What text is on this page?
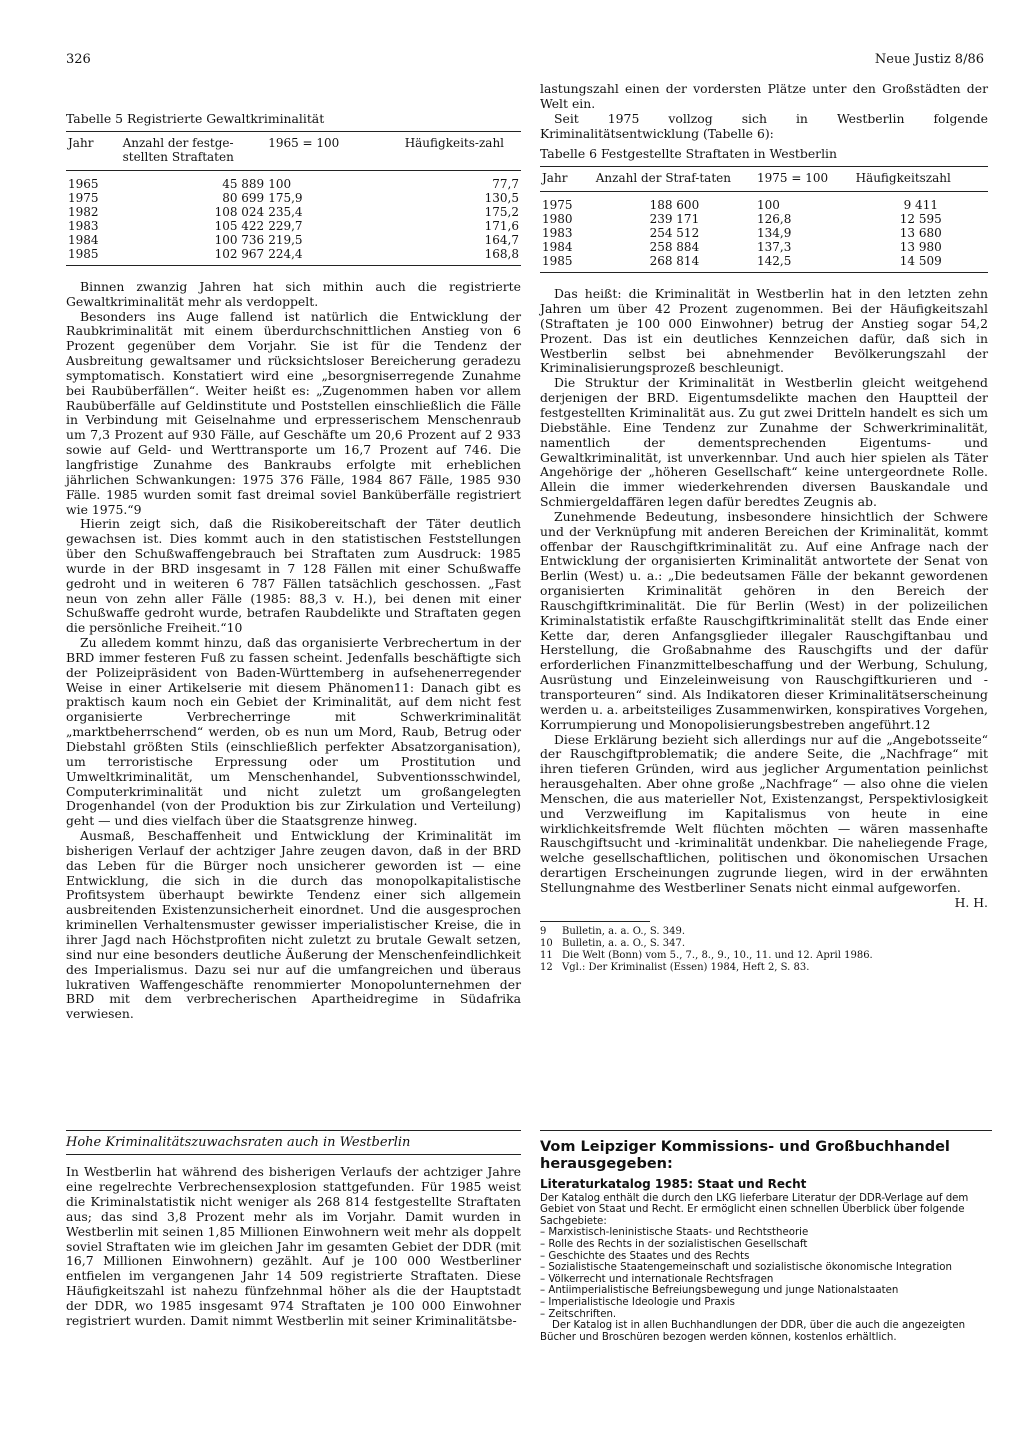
326	Neue Justiz 8/86
Tabelle 5 Registrierte Gewaltkriminalität
Jahr	Anzahl der festge-stellten Straftaten	1965 = 100	Häufigkeits-zahl
1965	45 889	100	77,7
1975	80 699	175,9	130,5
1982	108 024	235,4	175,2
1983	105 422	229,7	171,6
1984	100 736	219,5	164,7
1985	102 967	224,4	168,8

Binnen zwanzig Jahren hat sich mithin auch die registrierte Gewaltkriminalität mehr als verdoppelt.

Besonders ins Auge fallend ist natürlich die Entwicklung der Raubkriminalität mit einem überdurchschnittlichen Anstieg von 6 Prozent gegenüber dem Vorjahr. Sie ist für die Tendenz der Ausbreitung gewaltsamer und rücksichtsloser Bereicherung geradezu symptomatisch. Konstatiert wird eine „besorgniserregende Zunahme bei Raubüberfällen“. Weiter heißt es: „Zugenommen haben vor allem Raubüberfälle auf Geldinstitute und Poststellen einschließlich die Fälle in Verbindung mit Geiselnahme und erpresserischem Menschenraub um 7,3 Prozent auf 930 Fälle, auf Geschäfte um 20,6 Prozent auf 2 933 sowie auf Geld- und Werttransporte um 16,7 Prozent auf 746. Die langfristige Zunahme des Bankraubs erfolgte mit erheblichen jährlichen Schwankungen: 1975 376 Fälle, 1984 867 Fälle, 1985 930 Fälle. 1985 wurden somit fast dreimal soviel Banküberfälle registriert wie 1975.“9

Hierin zeigt sich, daß die Risikobereitschaft der Täter deutlich gewachsen ist. Dies kommt auch in den statistischen Feststellungen über den Schußwaffengebrauch bei Straftaten zum Ausdruck: 1985 wurde in der BRD insgesamt in 7 128 Fällen mit einer Schußwaffe gedroht und in weiteren 6 787 Fällen tatsächlich geschossen. „Fast neun von zehn aller Fälle (1985: 88,3 v. H.), bei denen mit einer Schußwaffe gedroht wurde, betrafen Raubdelikte und Straftaten gegen die persönliche Freiheit.“10

Zu alledem kommt hinzu, daß das organisierte Verbrechertum in der BRD immer festeren Fuß zu fassen scheint. Jedenfalls beschäftigte sich der Polizeipräsident von Baden-Württemberg in aufsehenerregender Weise in einer Artikelserie mit diesem Phänomen11: Danach gibt es praktisch kaum noch ein Gebiet der Kriminalität, auf dem nicht fest organisierte Verbrecherringe mit Schwerkriminalität „marktbeherrschend“ werden, ob es nun um Mord, Raub, Betrug oder Diebstahl größten Stils (einschließlich perfekter Absatzorganisation), um terroristische Erpressung oder um Prostitution und Umweltkriminalität, um Menschenhandel, Subventionsschwindel, Computerkriminalität und nicht zuletzt um großangelegten Drogenhandel (von der Produktion bis zur Zirkulation und Verteilung) geht — und dies vielfach über die Staatsgrenze hinweg.

Ausmaß, Beschaffenheit und Entwicklung der Kriminalität im bisherigen Verlauf der achtziger Jahre zeugen davon, daß in der BRD das Leben für die Bürger noch unsicherer geworden ist — eine Entwicklung, die sich in die durch das monopolkapitalistische Profitsystem überhaupt bewirkte Tendenz einer sich allgemein ausbreitenden Existenzunsicherheit einordnet. Und die ausgesprochen kriminellen Verhaltensmuster gewisser imperialistischer Kreise, die in ihrer Jagd nach Höchstprofiten nicht zuletzt zu brutale Gewalt setzen, sind nur eine besonders deutliche Äußerung der Menschenfeindlichkeit des Imperialismus. Dazu sei nur auf die umfangreichen und überaus lukrativen Waffengeschäfte renommierter Monopolunternehmen der BRD mit dem verbrecherischen Apartheidregime in Südafrika verwiesen.

Hohe Kriminalitätszuwachsraten auch in Westberlin
In Westberlin hat während des bisherigen Verlaufs der achtziger Jahre eine regelrechte Verbrechensexplosion stattgefunden. Für 1985 weist die Kriminalstatistik nicht weniger als 268 814 festgestellte Straftaten aus; das sind 3,8 Prozent mehr als im Vorjahr. Damit wurden in Westberlin mit seinen 1,85 Millionen Einwohnern weit mehr als doppelt soviel Straftaten wie im gleichen Jahr im gesamten Gebiet der DDR (mit 16,7 Millionen Einwohnern) gezählt. Auf je 100 000 Westberliner entfielen im vergangenen Jahr 14 509 registrierte Straftaten. Diese Häufigkeitszahl ist nahezu fünfzehnmal höher als die der Hauptstadt der DDR, wo 1985 insgesamt 974 Straftaten je 100 000 Einwohner registriert wurden. Damit nimmt Westberlin mit seiner Kriminalitätsbe-

lastungszahl einen der vordersten Plätze unter den Großstädten der Welt ein.

Seit 1975 vollzog sich in Westberlin folgende Kriminalitätsentwicklung (Tabelle 6):

Tabelle 6 Festgestellte Straftaten in Westberlin
Jahr	Anzahl der Straf-taten	1975 = 100	Häufigkeitszahl
1975	188 600	100	9 411
1980	239 171	126,8	12 595
1983	254 512	134,9	13 680
1984	258 884	137,3	13 980
1985	268 814	142,5	14 509

Das heißt: die Kriminalität in Westberlin hat in den letzten zehn Jahren um über 42 Prozent zugenommen. Bei der Häufigkeitszahl (Straftaten je 100 000 Einwohner) betrug der Anstieg sogar 54,2 Prozent. Das ist ein deutliches Kennzeichen dafür, daß sich in Westberlin selbst bei abnehmender Bevölkerungszahl der Kriminalisierungsprozeß beschleunigt.

Die Struktur der Kriminalität in Westberlin gleicht weitgehend derjenigen der BRD. Eigentumsdelikte machen den Hauptteil der festgestellten Kriminalität aus. Zu gut zwei Dritteln handelt es sich um Diebstähle. Eine Tendenz zur Zunahme der Schwerkriminalität, namentlich der dementsprechenden Eigentums- und Gewaltkriminalität, ist unverkennbar. Und auch hier spielen als Täter Angehörige der „höheren Gesellschaft“ keine untergeordnete Rolle. Allein die immer wiederkehrenden diversen Bauskandale und Schmiergeldaffären legen dafür beredtes Zeugnis ab.

Zunehmende Bedeutung, insbesondere hinsichtlich der Schwere und der Verknüpfung mit anderen Bereichen der Kriminalität, kommt offenbar der Rauschgiftkriminalität zu. Auf eine Anfrage nach der Entwicklung der organisierten Kriminalität antwortete der Senat von Berlin (West) u. a.: „Die bedeutsamen Fälle der bekannt gewordenen organisierten Kriminalität gehören in den Bereich der Rauschgiftkriminalität. Die für Berlin (West) in der polizeilichen Kriminalstatistik erfaßte Rauschgiftkriminalität stellt das Ende einer Kette dar, deren Anfangsglieder illegaler Rauschgiftanbau und Herstellung, die Großabnahme des Rauschgifts und der dafür erforderlichen Finanzmittelbeschaffung und der Werbung, Schulung, Ausrüstung und Einzeleinweisung von Rauschgiftkurieren und -transporteuren“ sind. Als Indikatoren dieser Kriminalitätserscheinung werden u. a. arbeitsteiliges Zusammenwirken, konspiratives Vorgehen, Korrumpierung und Monopolisierungsbestreben angeführt.12

Diese Erklärung bezieht sich allerdings nur auf die „Angebotsseite“ der Rauschgiftproblematik; die andere Seite, die „Nachfrage“ mit ihren tieferen Gründen, wird aus jeglicher Argumentation peinlichst herausgehalten. Aber ohne große „Nachfrage“ — also ohne die vielen Menschen, die aus materieller Not, Existenzangst, Perspektivlosigkeit und Verzweiflung im Kapitalismus von heute in eine wirklichkeitsfremde Welt flüchten möchten — wären massenhafte Rauschgiftsucht und -kriminalität undenkbar. Die naheliegende Frage, welche gesellschaftlichen, politischen und ökonomischen Ursachen derartigen Erscheinungen zugrunde liegen, wird in der erwähnten Stellungnahme des Westberliner Senats nicht einmal aufgeworfen.

H. H.

9	Bulletin, a. a. O., S. 349.

10 Bulletin, a. a. O., S. 347.

11 Die Welt (Bonn) vom 5., 7., 8., 9., 10., 11. und 12. April 1986.

12 Vgl.: Der Kriminalist (Essen) 1984, Heft 2, S. 83.

Vom Leipziger Kommissions- und Großbuchhandel herausgegeben:
Literaturkatalog 1985: Staat und Recht
Der Katalog enthält die durch den LKG lieferbare Literatur der DDR-Verlage auf dem Gebiet von Staat und Recht. Er ermöglicht einen schnellen Überblick über folgende Sachgebiete:
– Marxistisch-leninistische Staats- und Rechtstheorie
– Rolle des Rechts in der sozialistischen Gesellschaft
– Geschichte des Staates und des Rechts
– Sozialistische Staatengemeinschaft und sozialistische ökonomische Integration
– Völkerrecht und internationale Rechtsfragen
– Antiimperialistische Befreiungsbewegung und junge Nationalstaaten
– Imperialistische Ideologie und Praxis
– Zeitschriften.
Der Katalog ist in allen Buchhandlungen der DDR, über die auch die angezeigten Bücher und Broschüren bezogen werden können, kostenlos erhältlich.
